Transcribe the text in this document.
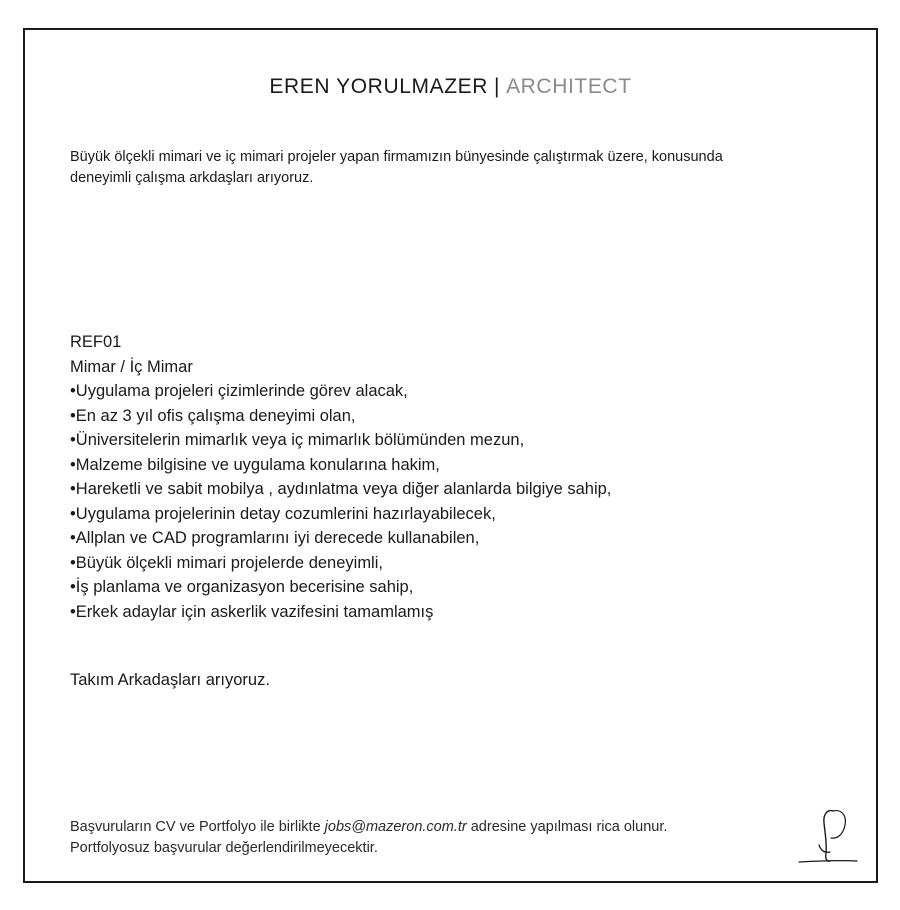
EREN YORULMAZER | ARCHITECT
Büyük ölçekli mimari ve iç mimari projeler yapan firmamızın bünyesinde çalıştırmak üzere, konusunda
deneyimli çalışma arkdaşları arıyoruz.
REF01
Mimar / İç Mimar
•Uygulama projeleri çizimlerinde görev alacak,
•En az 3 yıl ofis çalışma deneyimi olan,
•Üniversitelerin mimarlık veya iç mimarlık bölümünden mezun,
•Malzeme bilgisine ve uygulama konularına hakim,
•Hareketli ve sabit mobilya , aydınlatma veya diğer alanlarda bilgiye sahip,
•Uygulama projelerinin detay cozumlerini hazırlayabilecek,
•Allplan ve CAD programlarını iyi derecede kullanabilen,
•Büyük ölçekli mimari projelerde deneyimli,
•İş planlama ve organizasyon becerisine sahip,
•Erkek adaylar için askerlik vazifesini tamamlamış
Takım Arkadaşları arıyoruz.
Başvuruların CV ve Portfolyo ile birlikte jobs@mazeron.com.tr adresine yapılması rica olunur.
Portfolyosuz başvurular değerlendirilmeyecektir.
